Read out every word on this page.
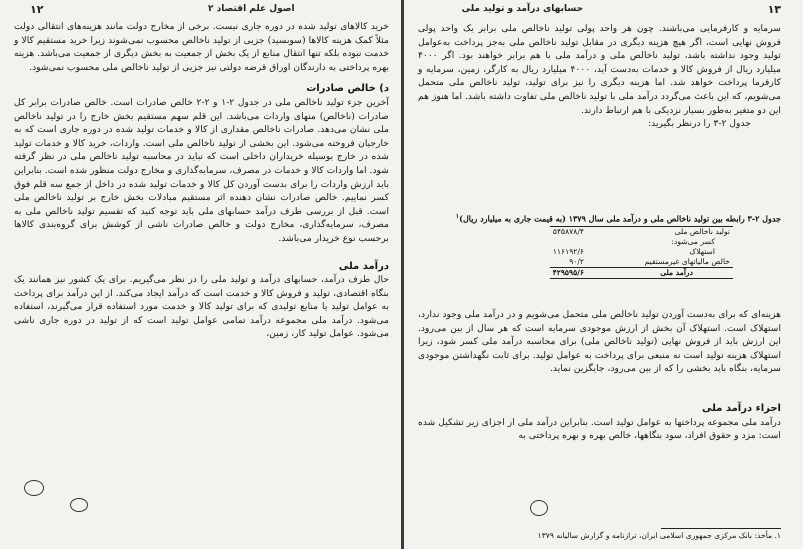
۱۲	اصول علم اقتصاد ۲

خرید کالاهای تولید شده در دوره جاری نیست. برخی از مخارج دولت مانند هزینه‌های انتقالی دولت مثلاً کمک هزینه کالاها (سوبسید) جزیی از تولید ناخالص محسوب نمی‌شوند زیرا خرید مستقیم کالا و خدمت نبوده بلکه تنها انتقال منابع از یک بخش از جمعیت به بخش دیگری از جمعیت می‌باشد. هزینه بهره پرداختی به دارندگان اوراق قرضه دولتی نیز جزیی از تولید ناخالص ملی محسوب نمی‌شود.

د) خالص صادرات

آخرین جزء تولید ناخالص ملی در جدول ۲-۱ و ۲-۲ خالص صادرات است. خالص صادرات برابر کل صادرات (ناخالص) منهای واردات می‌باشد. این قلم سهم مستقیم بخش خارج را در تولید ناخالص ملی نشان می‌دهد. صادرات ناخالص مقداری از کالا و خدمات تولید شده در دوره جاری است که به خارجیان فروخته می‌شود. این بخشی از تولید ناخالص ملی است. واردات، خرید کالا و خدمات تولید شده در خارج بوسیله خریداران داخلی است که نباید در محاسبه تولید ناخالص ملی در نظر گرفته شود. اما واردات کالا و خدمات در مصرف، سرمایه‌گذاری و مخارج دولت منظور شده است. بنابراین باید ارزش واردات را برای بدست آوردن کل کالا و خدمات تولید شده در داخل از جمع سه قلم فوق کسر نماییم. خالص صادرات نشان دهنده اثر مستقیم مبادلات بخش خارج بر تولید ناخالص ملی است. قبل از بررسی طرف درآمد حسابهای ملی باید توجه کنید که تقسیم تولید ناخالص ملی به مصرف، سرمایه‌گذاری، مخارج دولت و خالص صادرات ناشی از کوشش برای گروه‌بندی کالاها برحسب نوع خریدار می‌باشد.

درآمد ملی

حال طرف درآمد، حسابهای درآمد و تولید ملی را در نظر می‌گیریم. برای یک کشور نیز همانند یک بنگاه اقتصادی، تولید و فروش کالا و خدمت است که درآمد ایجاد می‌کند. از این درآمد برای پرداخت به عوامل تولید یا منابع تولیدی که برای تولید کالا و خدمت مورد استفاده قرار می‌گیرند، استفاده می‌شود. درآمد ملی مجموعه درآمد تمامی عوامل تولید است که از تولید در دوره جاری ناشی می‌شود. عوامل تولید کار، زمین،

۱۳
حسابهای درآمد و تولید ملی

سرمایه و کارفرمایی می‌باشند. چون هر واحد پولی تولید ناخالص ملی برابر یک واحد پولی فروش نهایی است، اگر هیچ هزینه دیگری در مقابل تولید ناخالص ملی به‌جز پرداخت به‌عوامل تولید وجود نداشته باشد، تولید ناخالص ملی و درآمد ملی با هم برابر خواهند بود. اگر ۴۰۰۰ میلیارد ریال از فروش کالا و خدمات به‌دست آید، ۴۰۰۰ میلیارد ریال به کارگر، زمین، سرمایه و کارفرما پرداخت خواهد شد. اما هزینه دیگری را نیز برای تولید، تولید ناخالص ملی متحمل می‌شویم، که این باعث می‌گردد درآمد ملی با تولید ناخالص ملی تفاوت داشته باشد. اما هنوز هم این دو متغیر به‌طور بسیار نزدیکی با هم ارتباط دارند.

جدول ۲-۳ را درنظر بگیرید:

جدول ۲-۳ رابطه بین تولید ناخالص ملی و درآمد ملی سال ۱۳۷۹ (به قیمت جاری به میلیارد ریال)$^۱$
تولید ناخالص ملی	۵۴۵۸۷۸/۴
کسر می‌شود:	
استهلاک	۱۱۶۱۹۲/۶
خالص مالیاتهای غیرمستقیم	۹۰/۲
درآمد ملی	۴۲۹۵۹۵/۶

هزینه‌ای که برای به‌دست آوردن تولید ناخالص ملی متحمل می‌شویم و در درآمد ملی وجود ندارد، استهلاک است. استهلاک آن بخش از ارزش موجودی سرمایه است که هر سال از بین می‌رود. این ارزش باید از فروش نهایی (تولید ناخالص ملی) برای محاسبه درآمد ملی کسر شود، زیرا استهلاک هزینه تولید است نه منبعی برای پرداخت به عوامل تولید. برای ثابت نگهداشتن موجودی سرمایه، بنگاه باید بخشی را که از بین می‌رود، جایگزین نماید.

اجزاء درآمد ملی

درآمد ملی مجموعه پرداختها به عوامل تولید است. بنابراین درآمد ملی از اجزای زیر تشکیل شده است: مزد و حقوق افراد، سود بنگاهها، خالص بهره و بهره پرداختی به

۱. مأخذ: بانک مرکزی جمهوری اسلامی ایران، ترازنامه و گزارش سالیانه ۱۳۷۹
